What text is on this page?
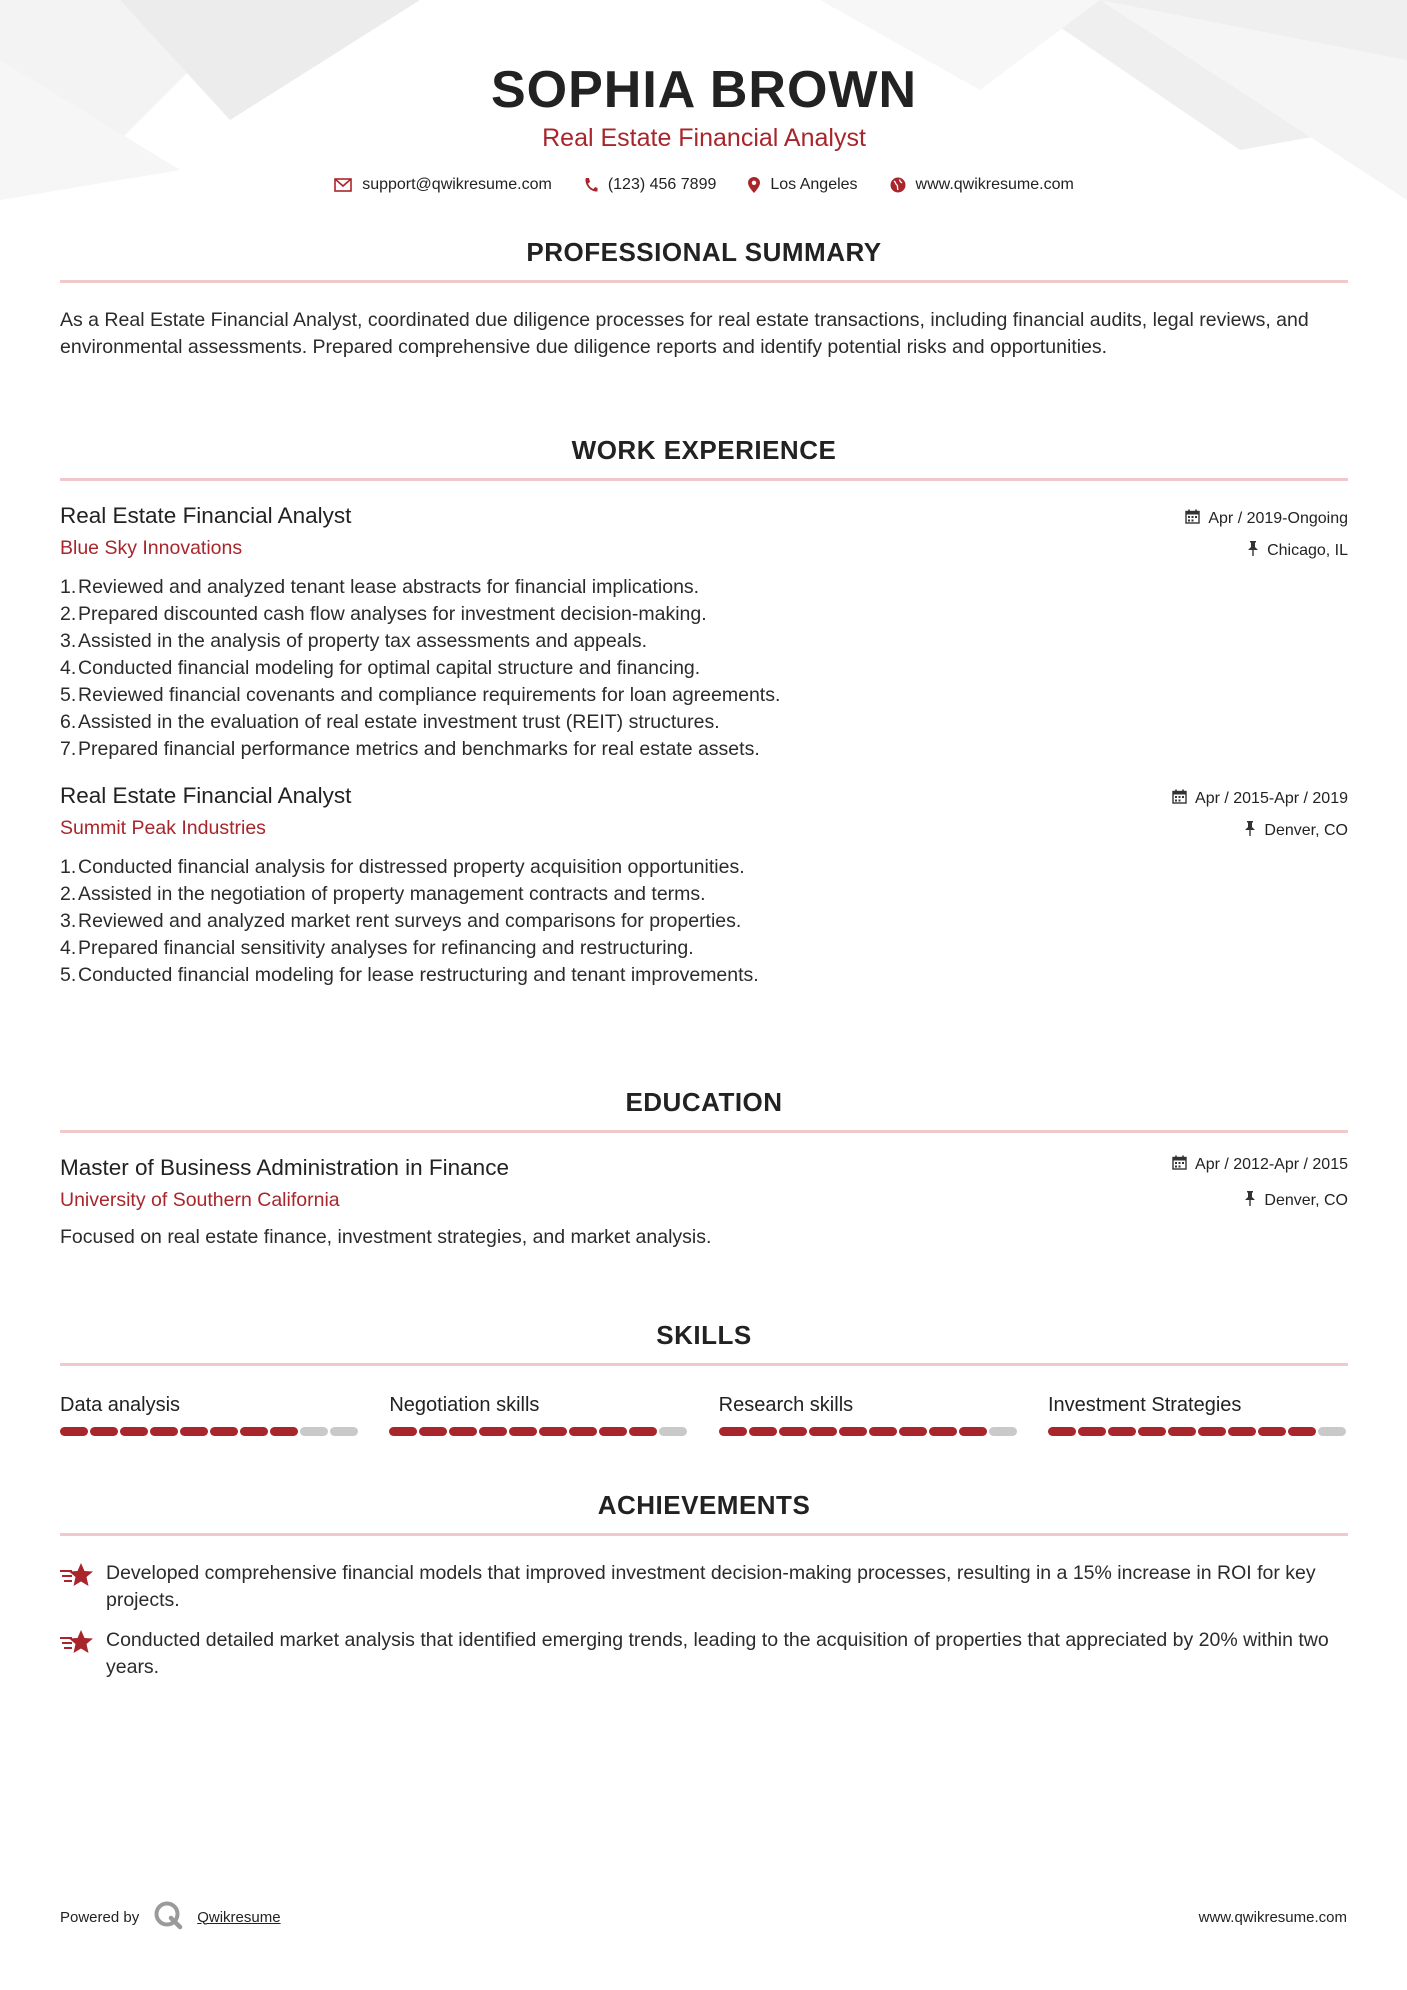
SOPHIA BROWN
Real Estate Financial Analyst
support@qwikresume.com	(123) 456 7899	Los Angeles	www.qwikresume.com
PROFESSIONAL SUMMARY
As a Real Estate Financial Analyst, coordinated due diligence processes for real estate transactions, including financial audits, legal reviews, and environmental assessments. Prepared comprehensive due diligence reports and identify potential risks and opportunities.
WORK EXPERIENCE
Real Estate Financial Analyst
Blue Sky Innovations
Apr / 2019-Ongoing
Chicago, IL
1. Reviewed and analyzed tenant lease abstracts for financial implications.
2. Prepared discounted cash flow analyses for investment decision-making.
3. Assisted in the analysis of property tax assessments and appeals.
4. Conducted financial modeling for optimal capital structure and financing.
5. Reviewed financial covenants and compliance requirements for loan agreements.
6. Assisted in the evaluation of real estate investment trust (REIT) structures.
7. Prepared financial performance metrics and benchmarks for real estate assets.
Real Estate Financial Analyst
Summit Peak Industries
Apr / 2015-Apr / 2019
Denver, CO
1. Conducted financial analysis for distressed property acquisition opportunities.
2. Assisted in the negotiation of property management contracts and terms.
3. Reviewed and analyzed market rent surveys and comparisons for properties.
4. Prepared financial sensitivity analyses for refinancing and restructuring.
5. Conducted financial modeling for lease restructuring and tenant improvements.
EDUCATION
Master of Business Administration in Finance
University of Southern California
Apr / 2012-Apr / 2015
Denver, CO
Focused on real estate finance, investment strategies, and market analysis.
SKILLS
Data analysis	Negotiation skills	Research skills	Investment Strategies
ACHIEVEMENTS
Developed comprehensive financial models that improved investment decision-making processes, resulting in a 15% increase in ROI for key projects.
Conducted detailed market analysis that identified emerging trends, leading to the acquisition of properties that appreciated by 20% within two years.
Powered by	Qwikresume	www.qwikresume.com
